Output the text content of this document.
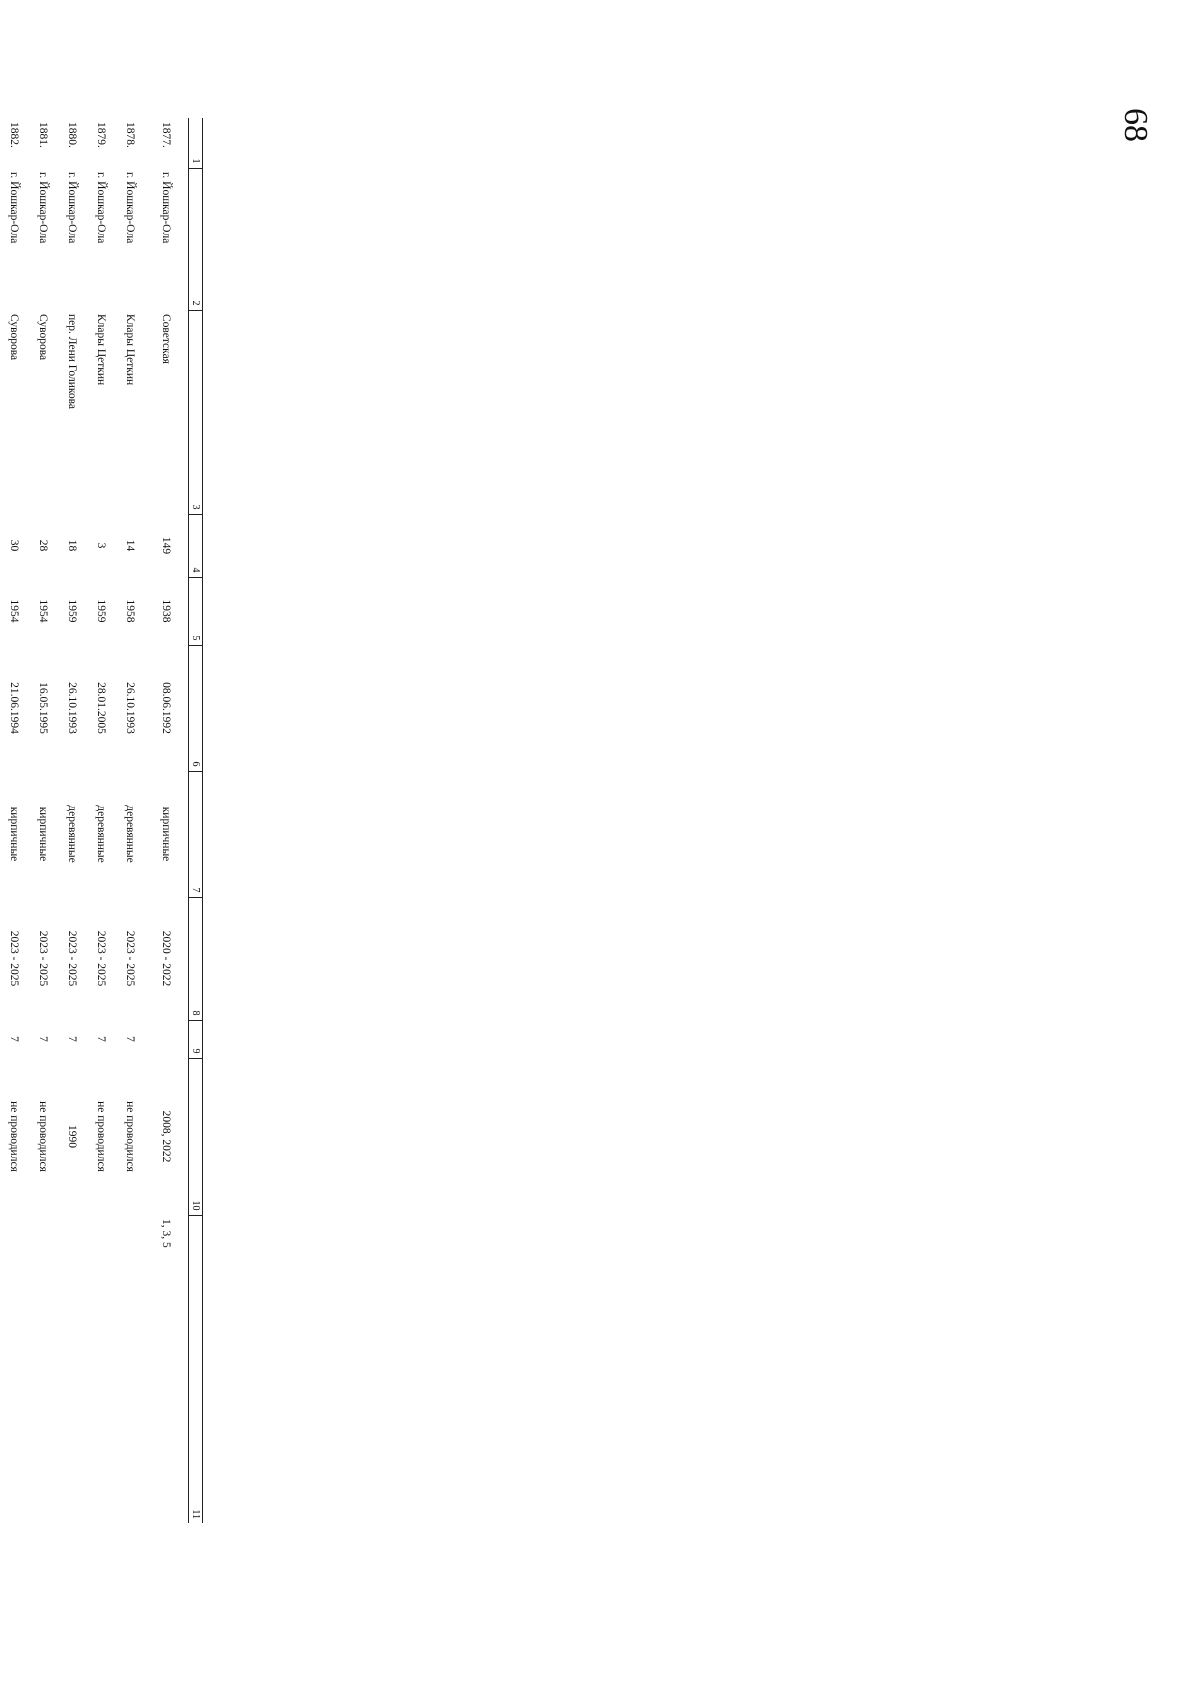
68
1	2	3	4	5	6	7	8	9	10	11
1877.	г. Йошкар-Ола	Советская	149	1938	08.06.1992	кирпичные	2020 - 2022		2008, 2022	1, 3, 5
1878.	г. Йошкар-Ола	Клары Цеткин	14	1958	26.10.1993	деревянные	2023 - 2025	7	не проводился	
1879.	г. Йошкар-Ола	Клары Цеткин	3	1959	28.01.2005	деревянные	2023 - 2025	7	не проводился	
1880.	г. Йошкар-Ола	пер. Лени Голикова	18	1959	26.10.1993	деревянные	2023 - 2025	7	1990	
1881.	г. Йошкар-Ола	Суворова	28	1954	16.05.1995	кирпичные	2023 - 2025	7	не проводился	
1882.	г. Йошкар-Ола	Суворова	30	1954	21.06.1994	кирпичные	2023 - 2025	7	не проводился	
